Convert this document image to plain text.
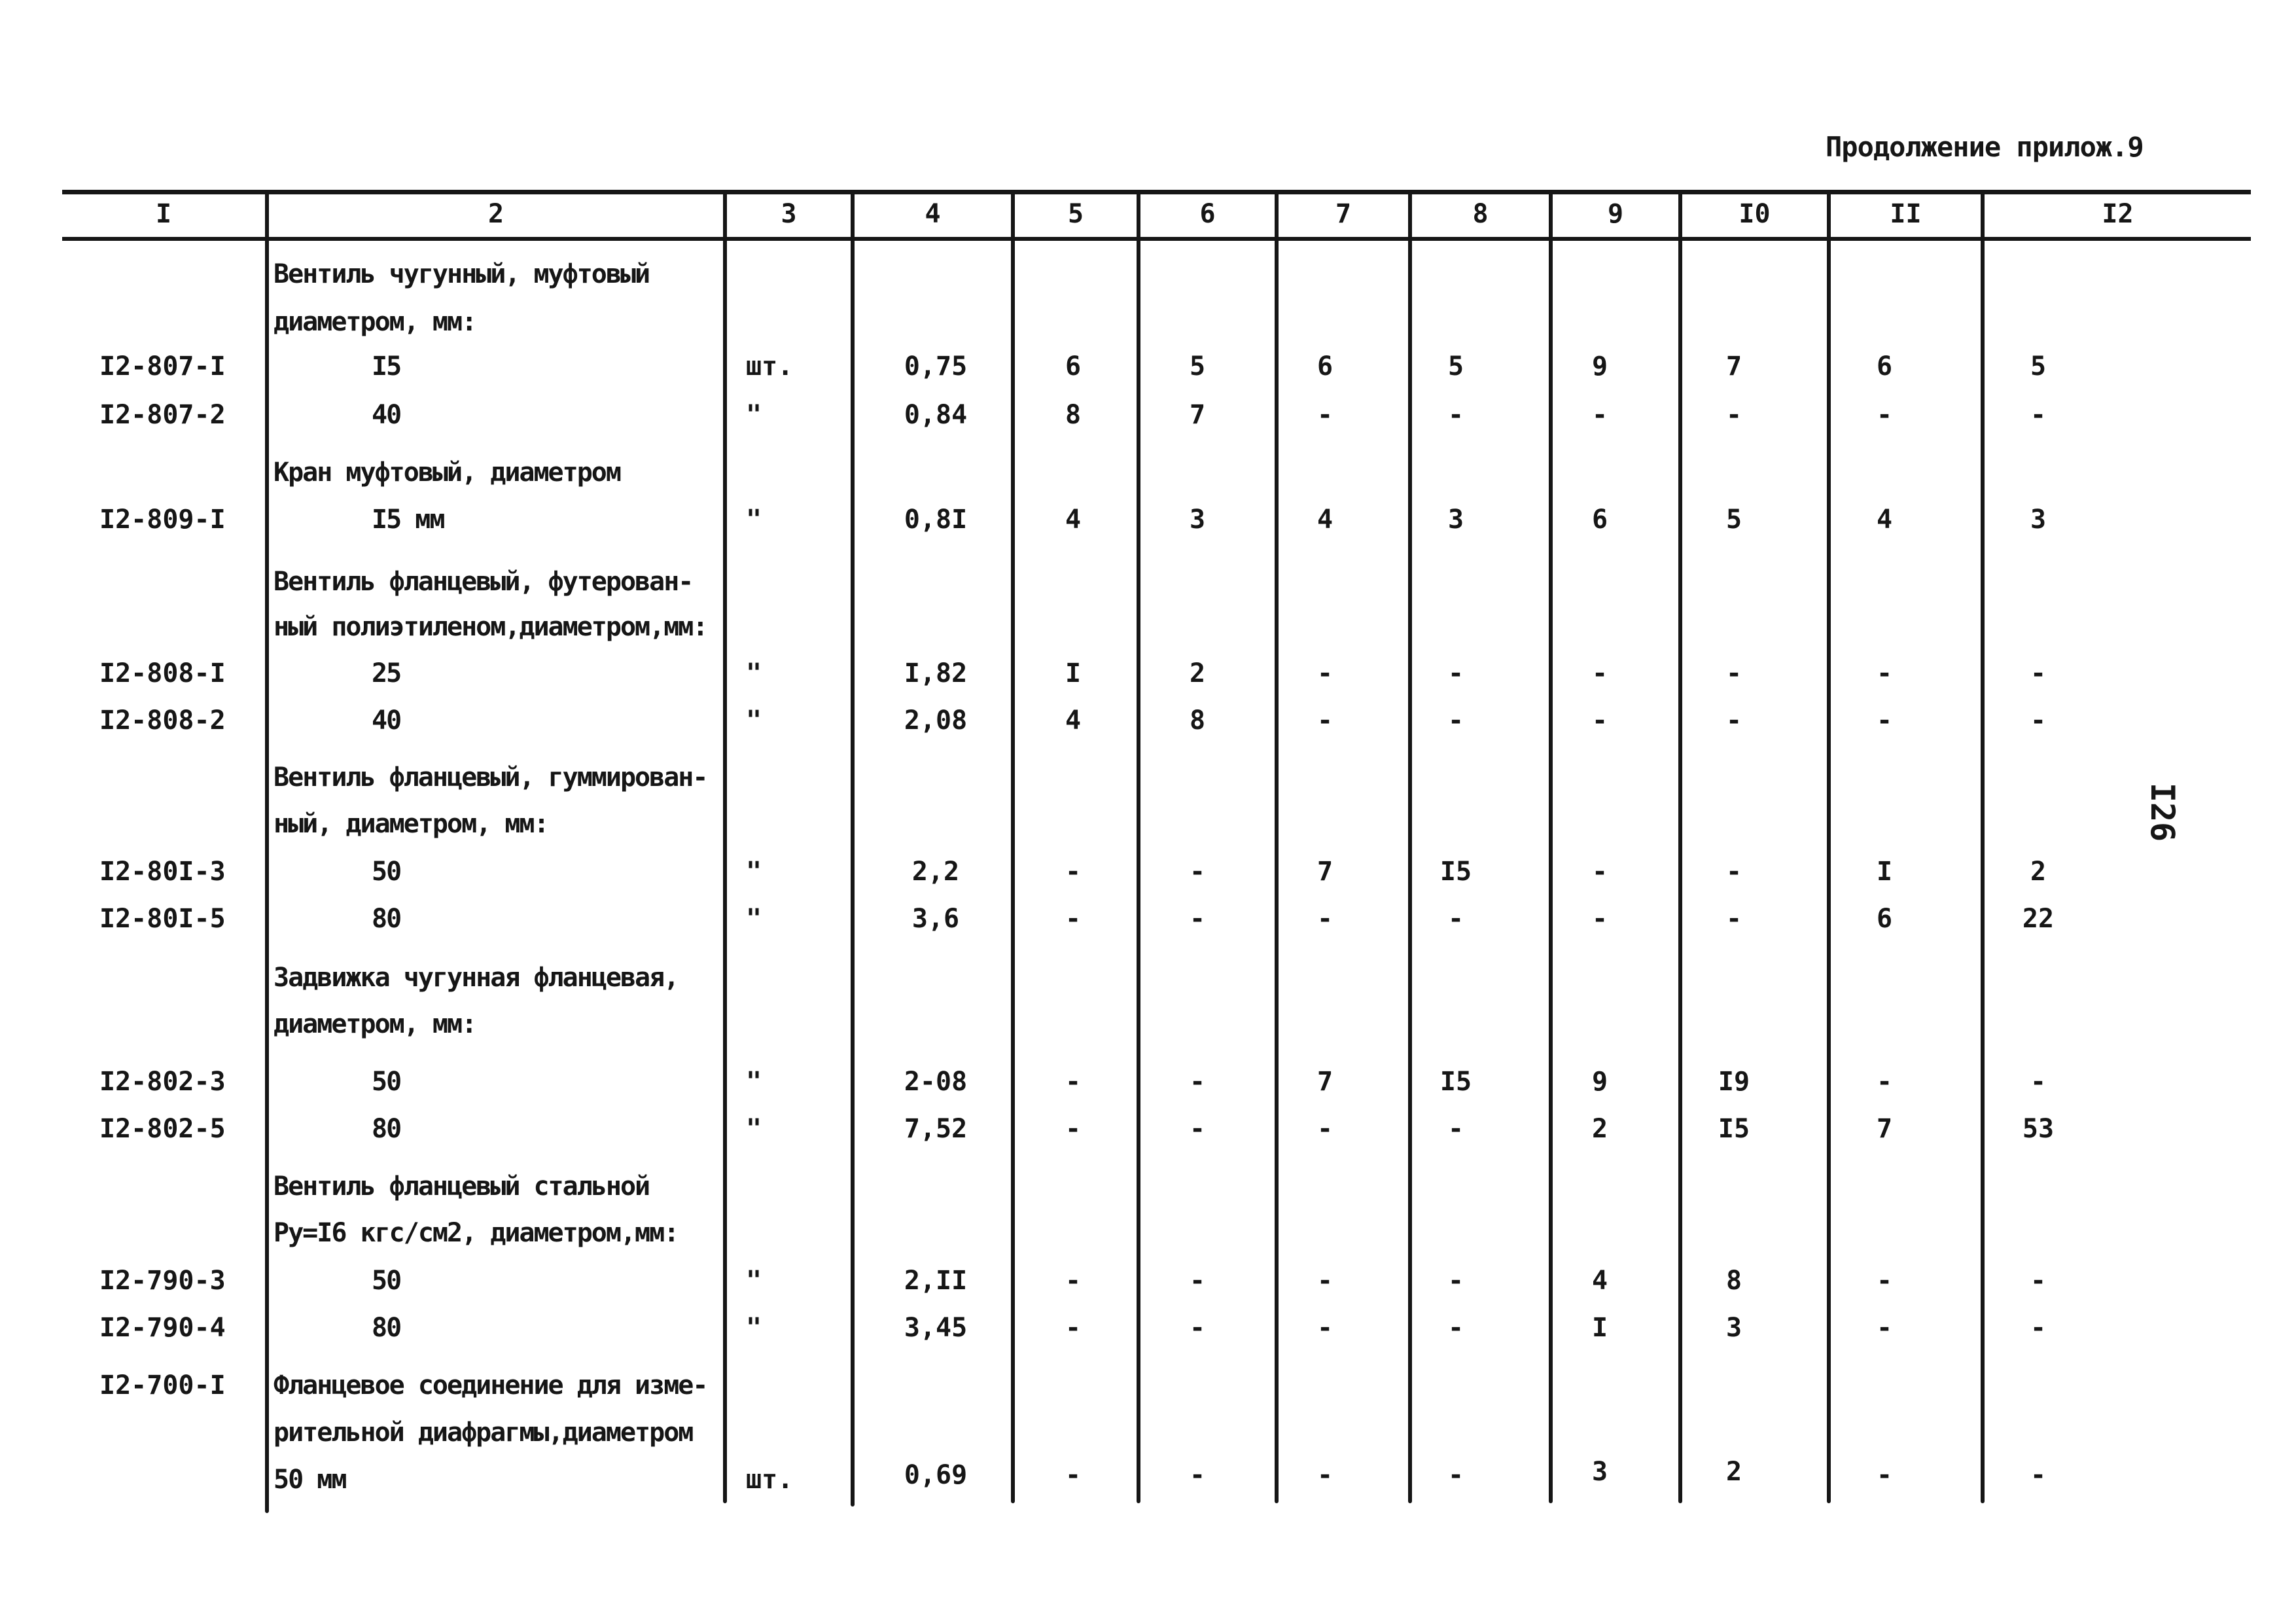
Продолжение прилож.9
I26
I	2	3	4	5	6	7	8	9	I0	II	I2
Вентиль чугунный, муфтовый
диаметром, мм:
I2-807-I	I5	шт.	0,75	6	5	6	5	9	7	6	5
I2-807-2	40	"	0,84	8	7	-	-	-	-	-	-
Кран муфтовый, диаметром
I2-809-I	I5 мм	"	0,8I	4	3	4	3	6	5	4	3
Вентиль фланцевый, футерован-
ный полиэтиленом,диаметром,мм:
I2-808-I	25	"	I,82	I	2	-	-	-	-	-	-
I2-808-2	40	"	2,08	4	8	-	-	-	-	-	-
Вентиль фланцевый, гуммирован-
ный, диаметром, мм:
I2-80I-3	50	"	2,2	-	-	7	I5	-	-	I	2
I2-80I-5	80	"	3,6	-	-	-	-	-	-	6	22
Задвижка чугунная фланцевая,
диаметром, мм:
I2-802-3	50	"	2-08	-	-	7	I5	9	I9	-	-
I2-802-5	80	"	7,52	-	-	-	-	2	I5	7	53
Вентиль фланцевый стальной
Ру=I6 кгс/см2, диаметром,мм:
I2-790-3	50	"	2,II	-	-	-	-	4	8	-	-
I2-790-4	80	"	3,45	-	-	-	-	I	3	-	-
I2-700-I	Фланцевое соединение для изме-
рительной диафрагмы,диаметром
50 мм	шт.	0,69	-	-	-	-	3	2	-	-
